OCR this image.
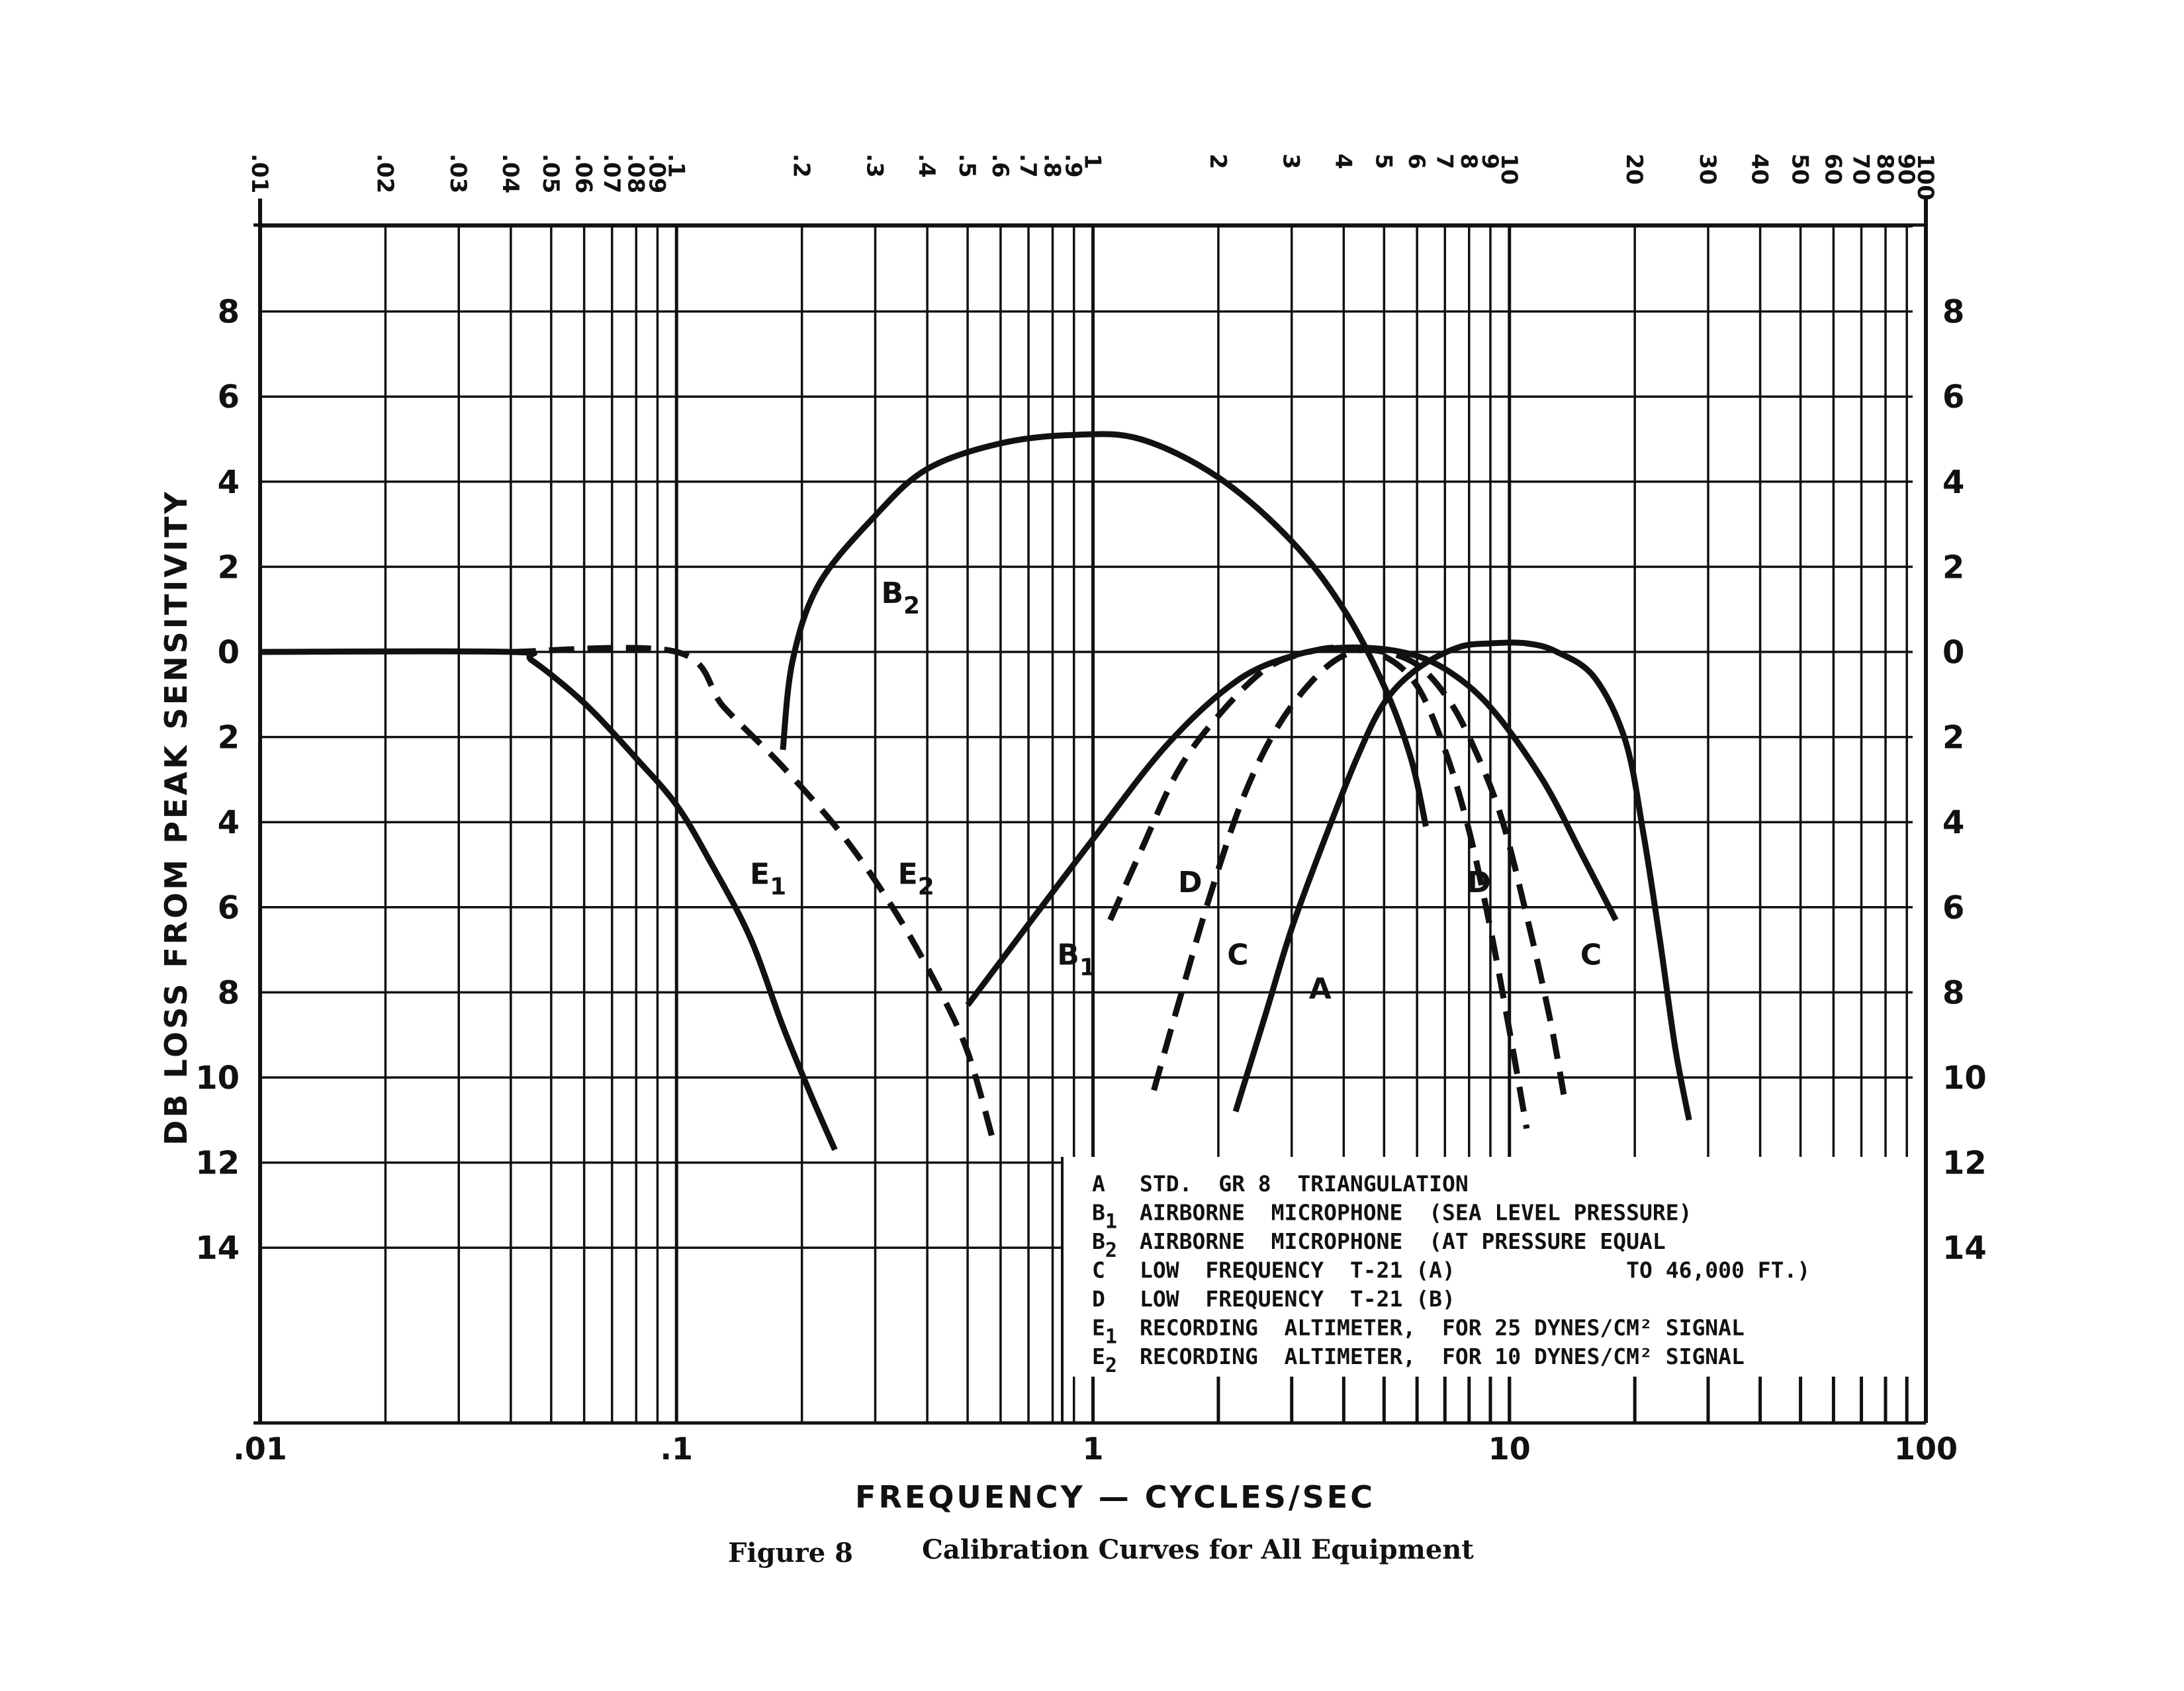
$E_1$	$E_2$
$B_2$
$B_1$
D	D
C	C
A
.01	.1	1	10	100
.01	.02 .03 .04 .05 .06 .07
.08
.09
.1	.2 .3 .4 .5 .6 .7
.8
.9
1	2 3 4 5 6 7
8
9
10	20 30 40 50 60 70
80
90
100
8
6
4
2
0
2
4
6
8
10
12
14
8
6
4
2
0
2
4
6
8
10
12
14
A STD.  GR 8  TRIANGULATION
B1 AIRBORNE  MICROPHONE  (SEA LEVEL PRESSURE)
B2 AIRBORNE  MICROPHONE  (AT PRESSURE EQUAL
C LOW  FREQUENCY  T-21 (A)             TO 46,000 FT.)
D LOW  FREQUENCY  T-21 (B)
E1 RECORDING  ALTIMETER,  FOR 25 DYNES/CM² SIGNAL
E2 RECORDING  ALTIMETER,  FOR 10 DYNES/CM² SIGNAL
FREQUENCY — CYCLES/SEC
DB LOSS FROM PEAK SENSITIVITY
Figure 8	Calibration Curves for All Equipment
